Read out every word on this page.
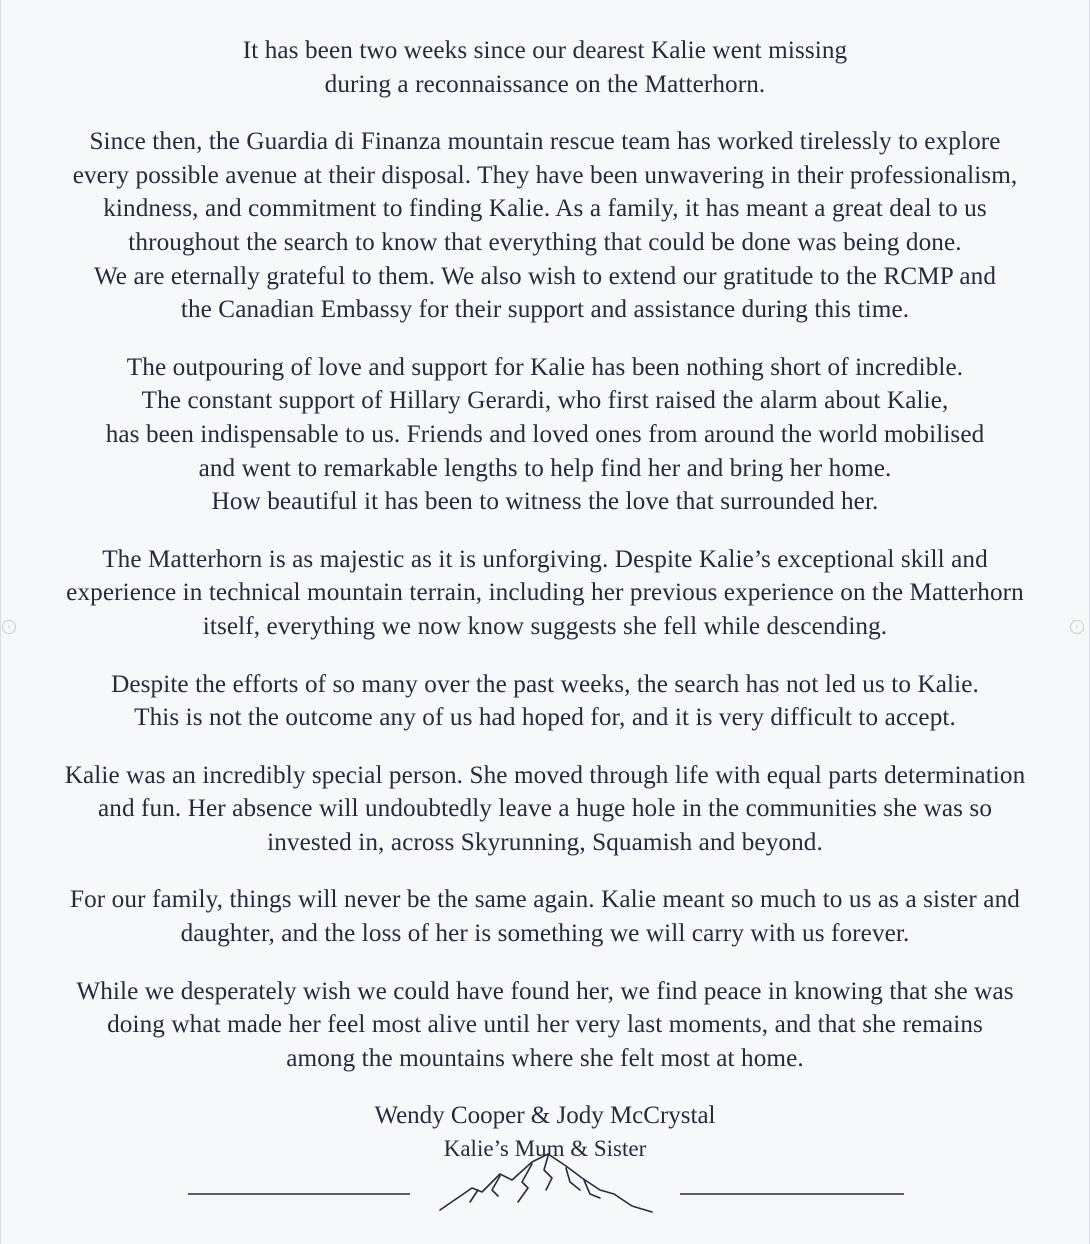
It has been two weeks since our dearest Kalie went missing
during a reconnaissance on the Matterhorn.
Since then, the Guardia di Finanza mountain rescue team has worked tirelessly to explore
every possible avenue at their disposal. They have been unwavering in their professionalism,
kindness, and commitment to finding Kalie. As a family, it has meant a great deal to us
throughout the search to know that everything that could be done was being done.
We are eternally grateful to them. We also wish to extend our gratitude to the RCMP and
the Canadian Embassy for their support and assistance during this time.
The outpouring of love and support for Kalie has been nothing short of incredible.
The constant support of Hillary Gerardi, who first raised the alarm about Kalie,
has been indispensable to us. Friends and loved ones from around the world mobilised
and went to remarkable lengths to help find her and bring her home.
How beautiful it has been to witness the love that surrounded her.
The Matterhorn is as majestic as it is unforgiving. Despite Kalie’s exceptional skill and
experience in technical mountain terrain, including her previous experience on the Matterhorn
itself, everything we now know suggests she fell while descending.
Despite the efforts of so many over the past weeks, the search has not led us to Kalie.
This is not the outcome any of us had hoped for, and it is very difficult to accept.
Kalie was an incredibly special person. She moved through life with equal parts determination
and fun. Her absence will undoubtedly leave a huge hole in the communities she was so
invested in, across Skyrunning, Squamish and beyond.
For our family, things will never be the same again. Kalie meant so much to us as a sister and
daughter, and the loss of her is something we will carry with us forever.
While we desperately wish we could have found her, we find peace in knowing that she was
doing what made her feel most alive until her very last moments, and that she remains
among the mountains where she felt most at home.
Wendy Cooper & Jody McCrystal
Kalie’s Mum & Sister
‹	›
